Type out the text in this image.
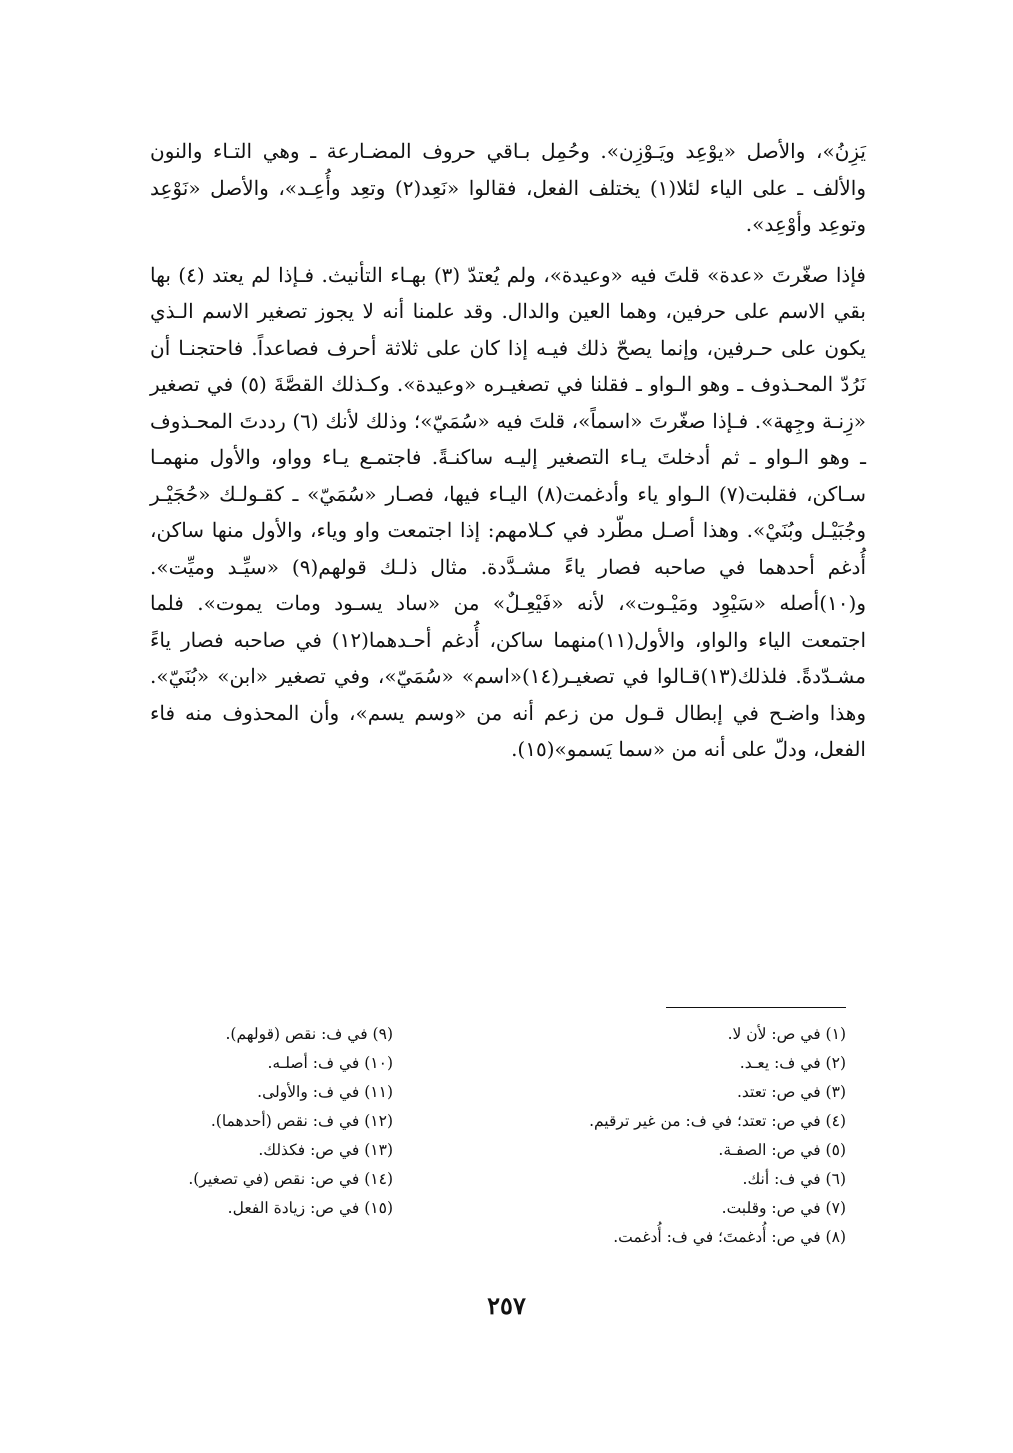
يَزِنُ»، والأصل «يوْعِد ويَـوْزِن». وحُمِل بـاقي حروف المضـارعة ـ وهي التـاء والنون والألف ـ على الياء لئلا(١) يختلف الفعل، فقالوا «نَعِد(٢) وتعِد وأُعِـد»، والأصل «نَوْعِد وتوعِد وأوْعِد».

فإذا صغّرتَ «عدة» قلتَ فيه «وعيدة»، ولم يُعتدّ (٣) بهـاء التأنيث. فـإذا لم يعتد (٤) بها بقي الاسم على حرفين، وهما العين والدال. وقد علمنا أنه لا يجوز تصغير الاسم الـذي يكون على حـرفين، وإنما يصحّ ذلك فيـه إذا كان على ثلاثة أحرف فصاعداً. فاحتجنـا أن نَرُدّ المحـذوف ـ وهو الـواو ـ فقلنا في تصغيـره «وعيدة». وكـذلك القصَّةَ (٥) في تصغير «زِنـة وجِهة». فـإذا صغّرتَ «اسماً»، قلتَ فيه «سُمَيّ»؛ وذلك لأنك (٦) رددتَ المحـذوف ـ وهو الـواو ـ ثم أدخلتَ يـاء التصغير إليـه ساكنـةً. فاجتمـع يـاء وواو، والأول منهمـا سـاكن، فقلبت(٧) الـواو ياء وأدغمت(٨) اليـاء فيها، فصـار «سُمَيّ» ـ كقـولـك «حُجَيْـر وجُبَيْـل وبُنَيْ». وهذا أصـل مطّرد في كـلامهم: إذا اجتمعت واو وياء، والأول منها ساكن، أُدغم أحدهما في صاحبه فصار ياءً مشـدَّدة. مثال ذلـك قولهم(٩) «سيِّـد وميِّت». و(١٠)أصله «سَيْوِد ومَيْـوت»، لأنه «فَيْعِـلٌ» من «ساد يسـود ومات يموت». فلما اجتمعت الياء والواو، والأول(١١)منهما ساكن، أُدغم أحـدهما(١٢) في صاحبه فصار ياءً مشـدّدةً. فلذلك(١٣)قـالوا في تصغيـر(١٤)«اسم» «سُمَيّ»، وفي تصغير «ابن» «بُنَيّ». وهذا واضـح في إبطال قـول من زعم أنه من «وسم يسم»، وأن المحذوف منه فاء الفعل، ودلّ على أنه من «سما يَسمو»(١٥).

(١) في ص: لأن لا.
(٢) في ف: يعـد.
(٣) في ص: تعتد.
(٤) في ص: تعتد؛ في ف: من غير ترقيم.
(٥) في ص: الصفـة.
(٦) في ف: أنك.
(٧) في ص: وقلبت.
(٨) في ص: أُدغمتَ؛ في ف: أُدغمت.
(٩) في ف: نقص (قولهم).
(١٠) في ف: أصلـه.
(١١) في ف: والأولى.
(١٢) في ف: نقص (أحدهما).
(١٣) في ص: فكذلك.
(١٤) في ص: نقص (في تصغير).
(١٥) في ص: زيادة الفعل.
٢٥٧
